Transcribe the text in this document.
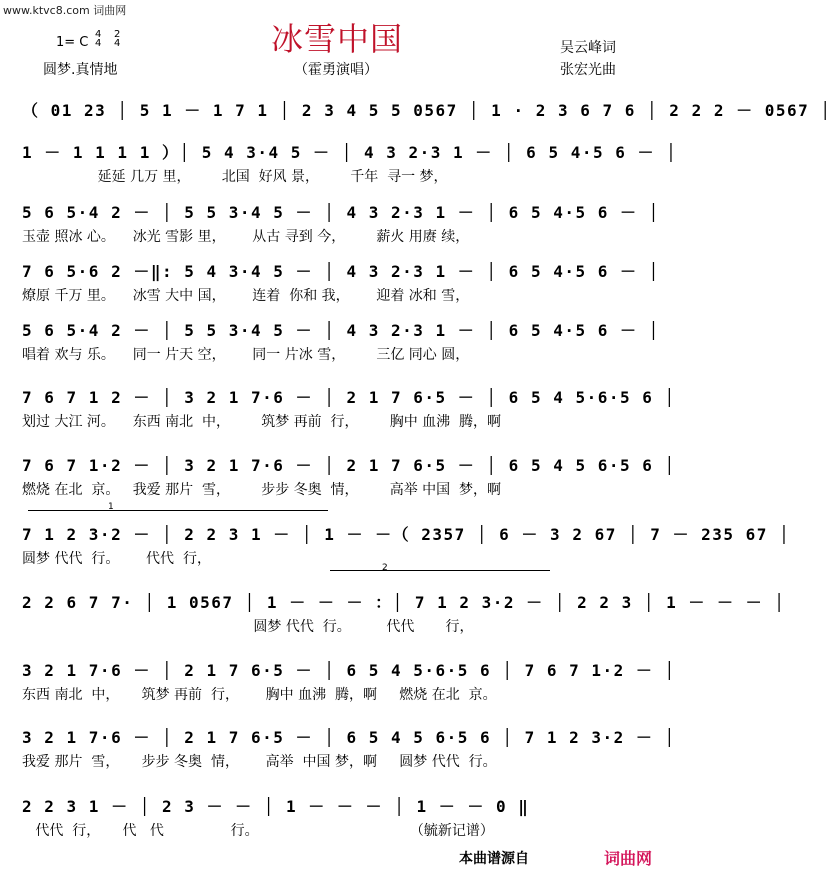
www.ktvc8.com 词曲网
冰雪中国
1= C
4
4
2
4
圆梦.真情地	（霍勇演唱）
吴云峰词
张宏光曲
1
2
（ 01 23 │ 5 1 － 1 7 1 │ 2 3 4 5 5 0567 │ 1 · 2 3 6 7 6 │ 2 2 2 － 0567 │
1 － 1 1 1 1 ）│ 5 4 3·4 5 － │ 4 3 2·3 1 － │ 6 5 4·5 6 － │
延延 几万 里，       北国  好风 景，       千年  寻一 梦，
5 6 5·4 2 － │ 5 5 3·4 5 － │ 4 3 2·3 1 － │ 6 5 4·5 6 － │
玉壶 照冰 心。    冰光 雪影 里，      从古 寻到 今，       薪火 用赓 续，
7 6 5·6 2 －‖: 5 4 3·4 5 － │ 4 3 2·3 1 － │ 6 5 4·5 6 － │
燎原 千万 里。    冰雪 大中 国，      连着  你和 我，      迎着 冰和 雪，
5 6 5·4 2 － │ 5 5 3·4 5 － │ 4 3 2·3 1 － │ 6 5 4·5 6 － │
唱着 欢与 乐。    同一 片天 空，      同一 片冰 雪，       三亿 同心 圆，
7 6 7 1 2 － │ 3 2 1 7·6 － │ 2 1 7 6·5 － │ 6 5 4 5·6·5 6 │
划过 大江 河。    东西 南北  中，       筑梦 再前  行，       胸中 血沸  腾，啊
7 6 7 1·2 － │ 3 2 1 7·6 － │ 2 1 7 6·5 － │ 6 5 4 5 6·5 6 │
燃烧 在北  京。   我爱 那片  雪，       步步 冬奥  情，       高举 中国  梦，啊
7 1 2 3·2 － │ 2 2 3 1 － │ 1 － －（ 2357 │ 6 － 3 2 67 │ 7 － 235 67 │
圆梦 代代  行。      代代  行，
2 2 6 7 7· │ 1 0567 │ 1 － － － ：│ 7 1 2 3·2 － │ 2 2 3 │ 1 － － － │
圆梦 代代  行。        代代       行，
3 2 1 7·6 － │ 2 1 7 6·5 － │ 6 5 4 5·6·5 6 │ 7 6 7 1·2 － │
东西 南北  中，     筑梦 再前  行，      胸中 血沸  腾，啊     燃烧 在北  京。
3 2 1 7·6 － │ 2 1 7 6·5 － │ 6 5 4 5 6·5 6 │ 7 1 2 3·2 － │
我爱 那片  雪，     步步 冬奥  情，      高举  中国 梦，啊     圆梦 代代  行。
2 2 3 1 － │ 2 3 － － │ 1 － － － │ 1 － － 0 ‖
代代  行，     代   代               行。                                  （毓新记谱）
本曲谱源自	词曲网
